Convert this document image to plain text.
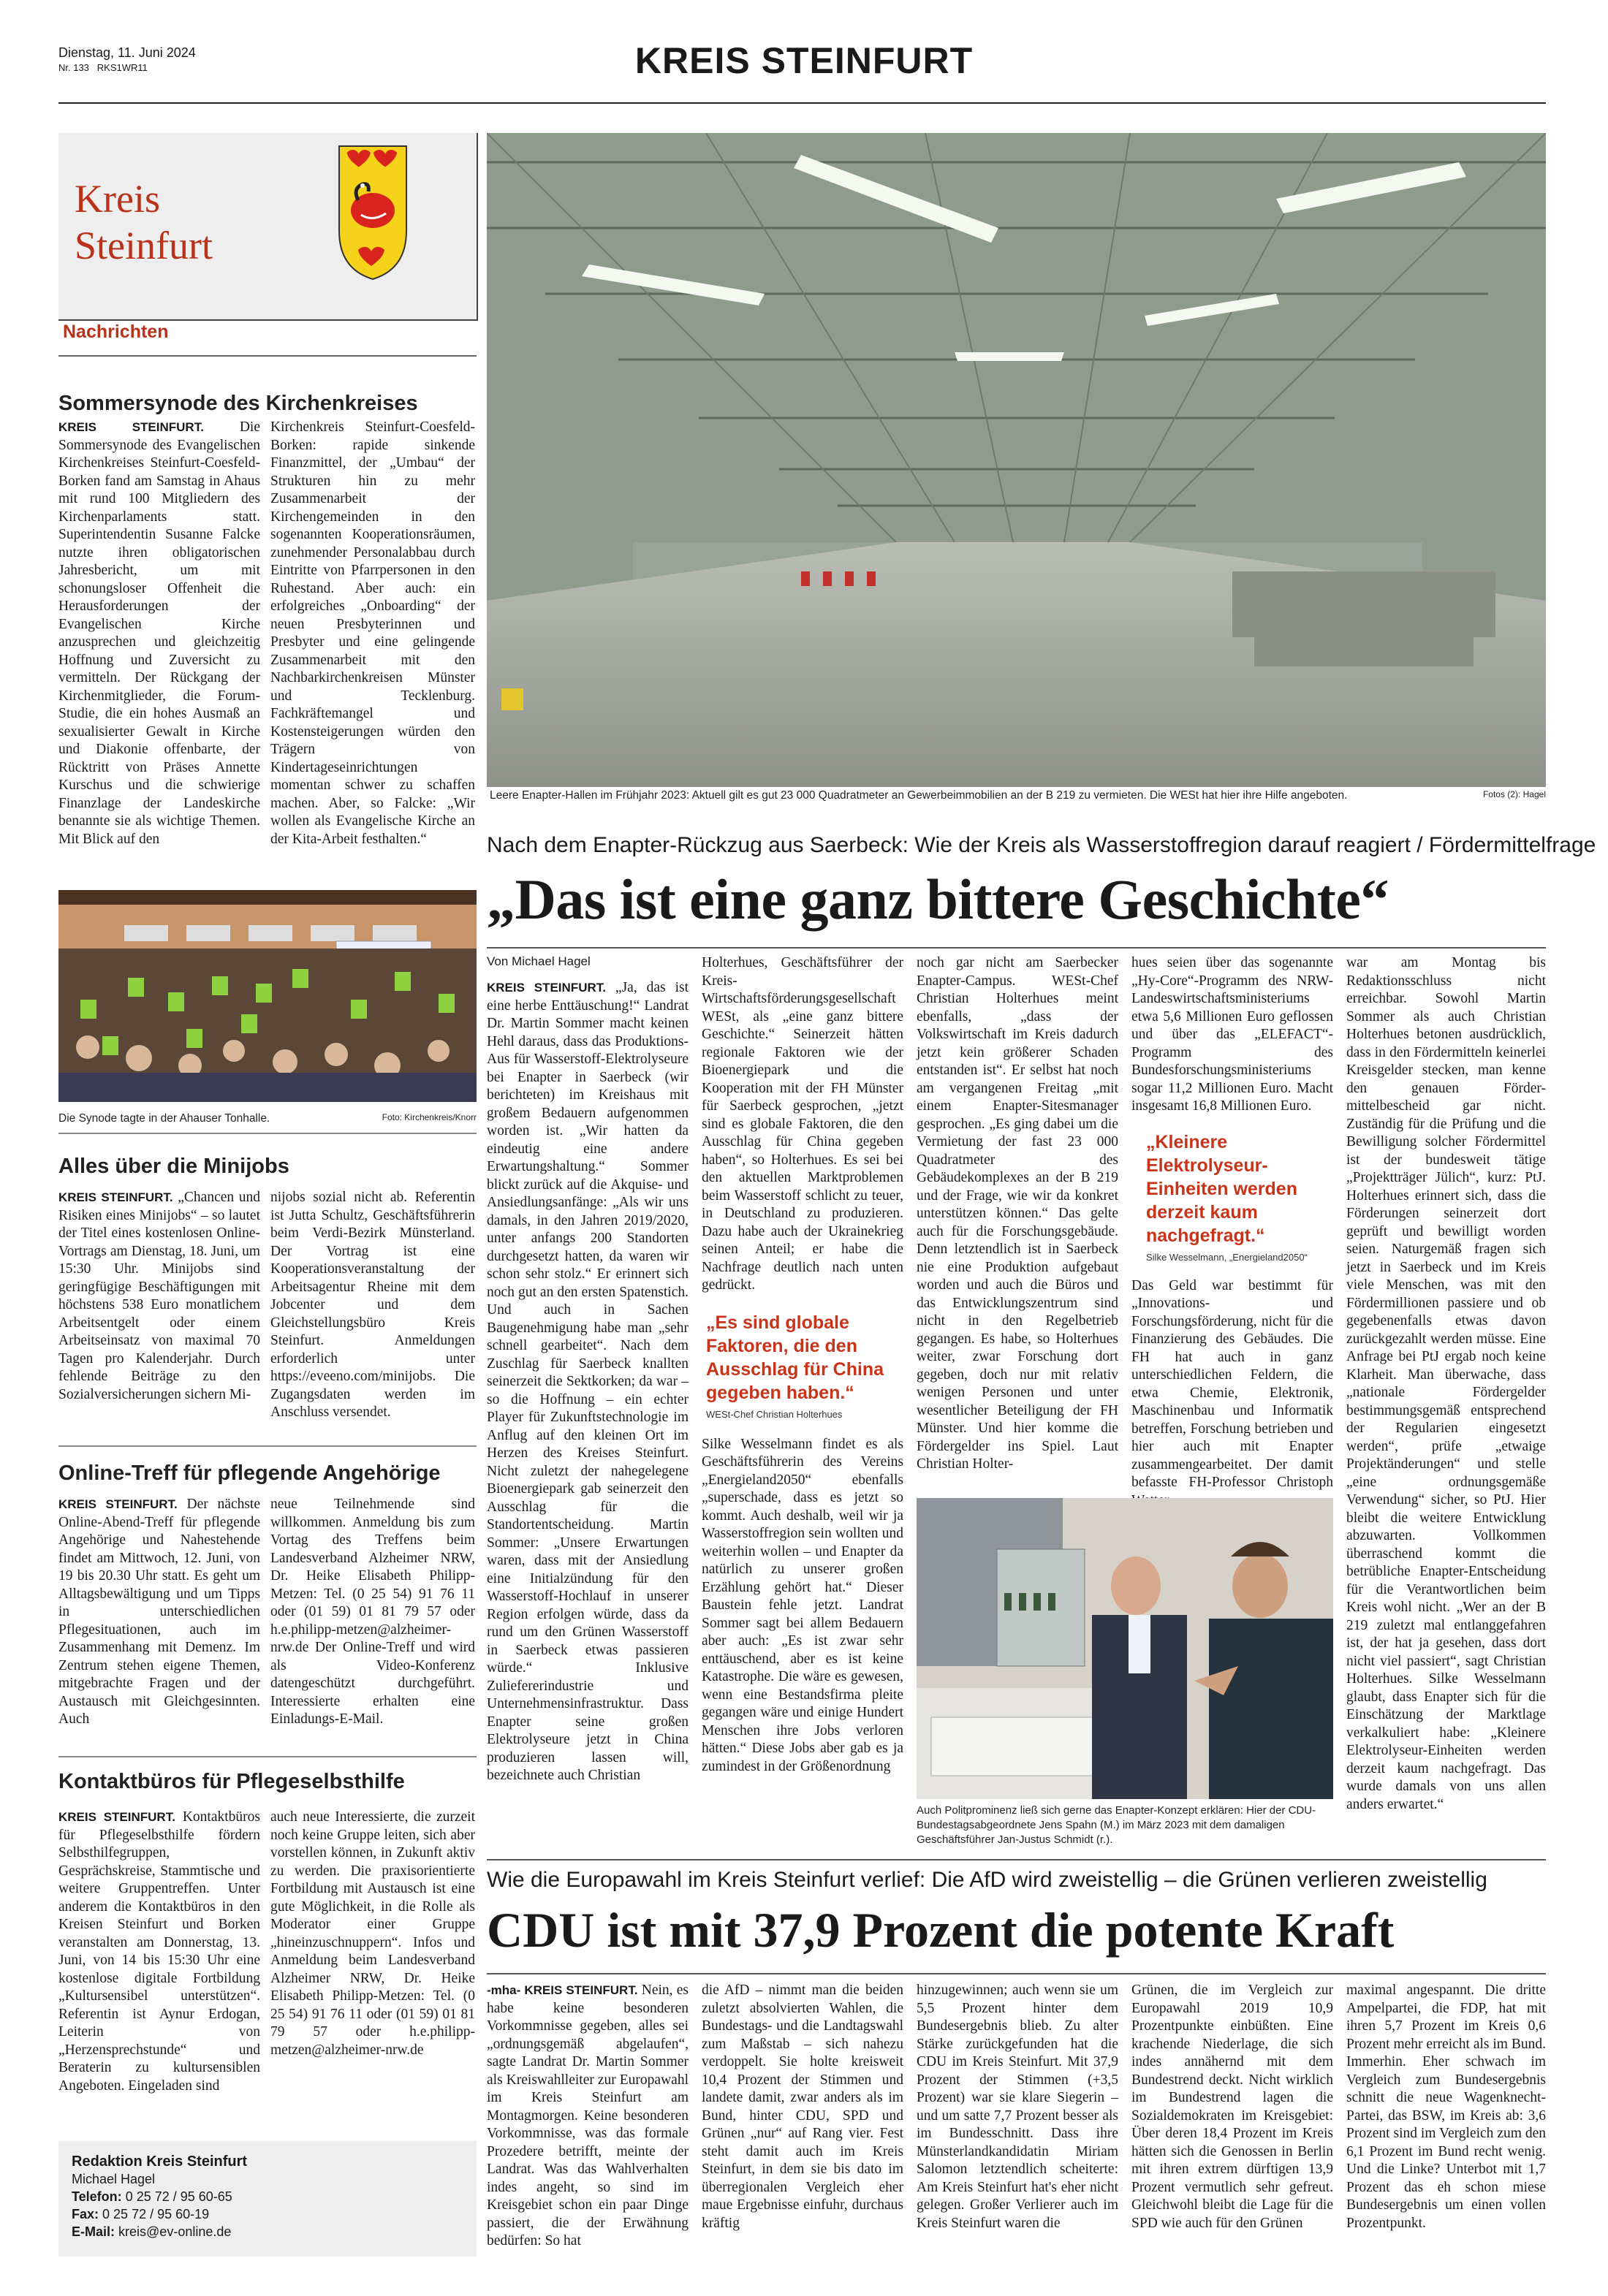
Dienstag, 11. Juni 2024
Nr. 133 RKS1WR11	KREIS STEINFURT
Kreis
Steinfurt
Nachrichten
Sommersynode des Kirchenkreises

KREIS STEINFURT.	Die Sommersynode des Evangelischen Kirchenkreises Steinfurt-Coesfeld-Borken fand am Samstag in Ahaus mit rund 100 Mitgliedern des Kirchenparlaments statt. Superintendentin Susanne Falcke nutzte ihren obligatorischen Jahresbericht, um mit schonungsloser Offenheit die Herausforderungen der Evangelischen Kirche anzusprechen und gleichzeitig Hoffnung und Zuversicht zu vermitteln. Der Rückgang der Kirchenmitglieder, die Forum-Studie, die ein hohes Ausmaß an sexualisierter Gewalt in Kirche und Diakonie offenbarte, der Rücktritt von Präses Annette Kurschus und die schwierige Finanzlage der Landeskirche benannte sie als wichtige Themen. Mit Blick auf den

Kirchenkreis Steinfurt-Coesfeld-Borken: rapide sinkende Finanzmittel, der „Umbau“ der Strukturen hin zu mehr Zusammenarbeit der Kirchengemeinden in den sogenannten Kooperationsräumen, zunehmender Personalabbau durch Eintritte von Pfarrpersonen in den Ruhestand. Aber auch: ein erfolgreiches „Onboarding“ der neuen Presbyterinnen und Presbyter und eine gelingende Zusammenarbeit mit den Nachbarkirchenkreisen Münster und Tecklenburg. Fachkräftemangel und Kostensteigerungen würden den Trägern von Kindertageseinrichtungen momentan schwer zu schaffen machen. Aber, so Falcke: „Wir wollen als Evangelische Kirche an der Kita-Arbeit festhalten.“

Die Synode tagte in der Ahauser Tonhalle.	Foto: Kirchenkreis/Knorr
Alles über die Minijobs

KREIS STEINFURT. „Chancen und Risiken eines Minijobs“ – so lautet der Titel eines kostenlosen Online-Vortrags am Dienstag, 18. Juni, um 15:30 Uhr. Minijobs sind geringfügige Beschäftigungen mit höchstens 538 Euro monatlichem Arbeitsentgelt oder einem Arbeitseinsatz von maximal 70 Tagen pro Kalenderjahr. Durch fehlende Beiträge zu den Sozialversicherungen sichern Mi-

nijobs sozial nicht ab. Referentin ist Jutta Schultz, Geschäftsführerin beim Verdi-Bezirk Münsterland. Der Vortrag ist eine Kooperationsveranstaltung der Arbeitsagentur Rheine mit dem Jobcenter und dem Gleichstellungsbüro Kreis Steinfurt. Anmeldungen erforderlich unter https://eveeno.com/minijobs. Die Zugangsdaten werden im Anschluss versendet.

Online-Treff für pflegende Angehörige

KREIS STEINFURT. Der nächste Online-Abend-Treff für pflegende Angehörige und Nahestehende findet am Mittwoch, 12. Juni, von 19 bis 20.30 Uhr statt. Es geht um Alltagsbewältigung und um Tipps in unterschiedlichen Pflegesituationen, auch im Zusammenhang mit Demenz. Im Zentrum stehen eigene Themen, mitgebrachte Fragen und der Austausch mit Gleichgesinnten. Auch

neue Teilnehmende sind willkommen. Anmeldung bis zum Vortag des Treffens beim Landesverband Alzheimer NRW, Dr. Heike Elisabeth Philipp-Metzen: Tel. (0 25 54) 91 76 11 oder (01 59) 01 81 79 57 oder h.e.philipp-metzen@alzheimer-nrw.de Der Online-Treff und wird als Video-Konferenz datengeschützt durchgeführt. Interessierte erhalten eine Einladungs-E-Mail.

Kontaktbüros für Pflegeselbsthilfe

KREIS STEINFURT. Kontaktbüros für Pflegeselbsthilfe fördern Selbsthilfegruppen, Gesprächskreise, Stammtische und weitere Gruppentreffen. Unter anderem die Kontaktbüros in den Kreisen Steinfurt und Borken veranstalten am Donnerstag, 13. Juni, von 14 bis 15:30 Uhr eine kostenlose digitale Fortbildung „Kultursensibel unterstützen“. Referentin ist Aynur Erdogan, Leiterin von „Herzensprechstunde“ und Beraterin zu kultursensiblen Angeboten. Eingeladen sind

auch neue Interessierte, die zurzeit noch keine Gruppe leiten, sich aber vorstellen können, in Zukunft aktiv zu werden. Die praxisorientierte Fortbildung mit Austausch ist eine gute Möglichkeit, in die Rolle als Moderator einer Gruppe „hineinzuschnuppern“. Infos und Anmeldung beim Landesverband Alzheimer NRW, Dr. Heike Elisabeth Philipp-Metzen: Tel. (0 25 54) 91 76 11 oder (01 59) 01 81 79 57 oder h.e.philipp-metzen@alzheimer-nrw.de

Redaktion Kreis Steinfurt
Michael Hagel
Telefon: 0 25 72 / 95 60-65
Fax: 0 25 72 / 95 60-19
E-Mail: kreis@ev-online.de
Leere Enapter-Hallen im Frühjahr 2023: Aktuell gilt es gut 23 000 Quadratmeter an Gewerbeimmobilien an der B 219 zu vermieten. Die WESt hat hier ihre Hilfe angeboten.	Fotos (2): Hagel
Nach dem Enapter-Rückzug aus Saerbeck: Wie der Kreis als Wasserstoffregion darauf reagiert / Fördermittelfrage
„Das ist eine ganz bittere Geschichte“
Von Michael Hagel

KREIS STEINFURT. „Ja, das ist eine herbe Enttäuschung!“ Landrat Dr. Martin Sommer macht keinen Hehl daraus, dass das Produktions-Aus für Wasserstoff-Elektrolyseure bei Enapter in Saerbeck (wir berichteten) im Kreishaus mit großem Bedauern aufgenommen worden ist. „Wir hatten da eindeutig eine andere Erwartungshaltung.“ Sommer blickt zurück auf die Akquise- und Ansiedlungsanfänge: „Als wir uns damals, in den Jahren 2019/2020, unter anfangs 200 Standorten durchgesetzt hatten, da waren wir schon sehr stolz.“ Er erinnert sich noch gut an den ersten Spatenstich. Und auch in Sachen Baugenehmigung habe man „sehr schnell gearbeitet“. Nach dem Zuschlag für Saerbeck knallten seinerzeit die Sektkorken; da war – so die Hoffnung – ein echter Player für Zukunftstechnologie im Anflug auf den kleinen Ort im Herzen des Kreises Steinfurt. Nicht zuletzt der nahegelegene Bioenergiepark gab seinerzeit den Ausschlag für die Standortentscheidung. Martin Sommer: „Unsere Erwartungen waren, dass mit der Ansiedlung eine Initialzündung für den Wasserstoff-Hochlauf in unserer Region erfolgen würde, dass da rund um den Grünen Wasserstoff in Saerbeck etwas passieren würde.“ Inklusive Zuliefererindustrie und Unternehmensinfrastruktur. Dass Enapter seine großen Elektrolyseure jetzt in China produzieren lassen will, bezeichnete auch Christian

Holterhues, Geschäftsführer der Kreis-Wirtschaftsförderungsgesellschaft WESt, als „eine ganz bittere Geschichte.“ Seinerzeit hätten regionale Faktoren wie der Bioenergiepark und die Kooperation mit der FH Münster für Saerbeck gesprochen, „jetzt sind es globale Faktoren, die den Ausschlag für China gegeben haben“, so Holterhues. Es sei bei den aktuellen Marktproblemen beim Wasserstoff schlicht zu teuer, in Deutschland zu produzieren. Dazu habe auch der Ukrainekrieg seinen Anteil; er habe die Nachfrage deutlich nach unten gedrückt.

„Es sind globale Faktoren, die den Ausschlag für China gegeben haben.“
WESt-Chef Christian Holterhues

Silke Wesselmann findet es als Geschäftsführerin des Vereins „Energieland2050“ ebenfalls „superschade, dass es jetzt so kommt. Auch deshalb, weil wir ja Wasserstoffregion sein wollten und weiterhin wollen – und Enapter da natürlich zu unserer großen Erzählung gehört hat.“ Dieser Baustein fehle jetzt. Landrat Sommer sagt bei allem Bedauern aber auch: „Es ist zwar sehr enttäuschend, aber es ist keine Katastrophe. Die wäre es gewesen, wenn eine Bestandsfirma pleite gegangen wäre und einige Hundert Menschen ihre Jobs verloren hätten.“ Diese Jobs aber gab es ja zumindest in der Größenordnung

noch gar nicht am Saerbecker Enapter-Campus. WESt-Chef Christian Holterhues meint ebenfalls, „dass der Volkswirtschaft im Kreis dadurch jetzt kein größerer Schaden entstanden ist“. Er selbst hat noch am vergangenen Freitag „mit einem Enapter-Sitesmanager gesprochen. „Es ging dabei um die Vermietung der fast 23 000 Quadratmeter des Gebäudekomplexes an der B 219 und der Frage, wie wir da konkret unterstützen können.“ Das gelte auch für die Forschungsgebäude. Denn letztendlich ist in Saerbeck nie eine Produktion aufgebaut worden und auch die Büros und das Entwicklungszentrum sind nicht in den Regelbetrieb gegangen. Es habe, so Holterhues weiter, zwar Forschung dort gegeben, doch nur mit relativ wenigen Personen und unter wesentlicher Beteiligung der FH Münster. Und hier komme die Fördergelder ins Spiel. Laut Christian Holter-

hues seien über das sogenannte „Hy-Core“-Programm des NRW-Landeswirtschaftsministeriums etwa 5,6 Millionen Euro geflossen und über das „ELEFACT“-Programm des Bundesforschungsministeriums sogar 11,2 Millionen Euro. Macht insgesamt 16,8 Millionen Euro.

„Kleinere Elektrolyseur-Einheiten werden derzeit kaum nachgefragt.“
Silke Wesselmann, „Energieland2050“

Das Geld war bestimmt für „Innovations- und Forschungsförderung, nicht für die Finanzierung des Gebäudes. Die FH hat auch in ganz unterschiedlichen Feldern, die etwa Chemie, Elektronik, Maschinenbau und Informatik betreffen, Forschung betrieben und hier auch mit Enapter zusammengearbeitet. Der damit befasste FH-Professor Christoph

war am Montag bis Redaktionsschluss nicht erreichbar. Sowohl Martin Sommer als auch Christian Holterhues betonen ausdrücklich, dass in den Fördermitteln keinerlei Kreisgelder stecken, man kenne den genauen Förder-mittelbescheid gar nicht. Zuständig für die Prüfung und die Bewilligung solcher Fördermittel ist der bundesweit tätige „Projektträger Jülich“, kurz: PtJ. Holterhues erinnert sich, dass die Förderungen seinerzeit dort geprüft und bewilligt worden seien. Naturgemäß fragen sich jetzt in Saerbeck und im Kreis viele Menschen, was mit den Fördermillionen passiere und ob gegebenenfalls etwas davon zurückgezahlt werden müsse. Eine Anfrage bei PtJ ergab noch keine Klarheit. Man überwache, dass „nationale Fördergelder bestimmungsgemäß entsprechend der Regularien eingesetzt werden“, prüfe „etwaige Projektänderungen“ und stelle „eine ordnungsgemäße Verwendung“ sicher, so PtJ. Hier bleibt die weitere Entwicklung abzuwarten. Vollkommen überraschend kommt die betrübliche Enapter-Entscheidung für die Verantwortlichen beim Kreis wohl nicht. „Wer an der B 219 zuletzt mal entlanggefahren ist, der hat ja gesehen, dass dort nicht viel passiert“, sagt Christian Holterhues. Silke Wesselmann glaubt, dass Enapter sich für die Einschätzung der Marktlage verkalkuliert habe: „Kleinere Elektrolyseur-Einheiten werden derzeit kaum nachgefragt. Das wurde damals von uns allen anders erwartet.“

Auch Politprominenz ließ sich gerne das Enapter-Konzept erklären: Hier der CDU-Bundestagsabgeordnete Jens Spahn (M.) im März 2023 mit dem damaligen Geschäftsführer Jan-Justus Schmidt (r.).
Wie die Europawahl im Kreis Steinfurt verlief: Die AfD wird zweistellig – die Grünen verlieren zweistellig
CDU ist mit 37,9 Prozent die potente Kraft

-mha- KREIS STEINFURT. Nein, es habe keine besonderen Vorkommnisse gegeben, alles sei „ordnungsgemäß abgelaufen“, sagte Landrat Dr. Martin Sommer als Kreiswahlleiter zur Europawahl im Kreis Steinfurt am Montagmorgen. Keine besonderen Vorkommnisse, was das formale Prozedere betrifft, meinte der Landrat. Was das Wahlverhalten indes angeht, so sind im Kreisgebiet schon ein paar Dinge passiert, die der Erwähnung bedürfen: So hat

die AfD – nimmt man die beiden zuletzt absolvierten Wahlen, die Bundestags- und die Landtagswahl zum Maßstab – sich nahezu verdoppelt. Sie holte kreisweit 10,4 Prozent der Stimmen und landete damit, zwar anders als im Bund, hinter CDU, SPD und Grünen „nur“ auf Rang vier. Fest steht damit auch im Kreis Steinfurt, in dem sie bis dato im überregionalen Vergleich eher maue Ergebnisse einfuhr, durchaus kräftig

hinzugewinnen; auch wenn sie um 5,5 Prozent hinter dem Bundesergebnis blieb. Zu alter Stärke zurückgefunden hat die CDU im Kreis Steinfurt. Mit 37,9 Prozent der Stimmen (+3,5 Prozent) war sie klare Siegerin – und um satte 7,7 Prozent besser als im Bundesschnitt. Dass ihre Münsterlandkandidatin Miriam Salomon letztendlich scheiterte: Am Kreis Steinfurt hat's eher nicht gelegen. Großer Verlierer auch im Kreis Steinfurt waren die

Grünen, die im Vergleich zur Europawahl 2019 10,9 Prozentpunkte einbüßten. Eine krachende Niederlage, die sich indes annähernd mit dem Bundestrend deckt. Nicht wirklich im Bundestrend lagen die Sozialdemokraten im Kreisgebiet: Über deren 18,4 Prozent im Kreis hätten sich die Genossen in Berlin mit ihren extrem dürftigen 13,9 Prozent vermutlich sehr gefreut. Gleichwohl bleibt die Lage für die SPD wie auch für den Grünen

maximal angespannt. Die dritte Ampelpartei, die FDP, hat mit ihren 5,7 Prozent im Kreis 0,6 Prozent mehr erreicht als im Bund. Immerhin. Eher schwach im Vergleich zum Bundesergebnis schnitt die neue Wagenknecht-Partei, das BSW, im Kreis ab: 3,6 Prozent sind im Vergleich zum den 6,1 Prozent im Bund recht wenig. Und die Linke? Unterbot mit 1,7 Prozent das eh schon miese Bundesergebnis um einen vollen Prozentpunkt.
